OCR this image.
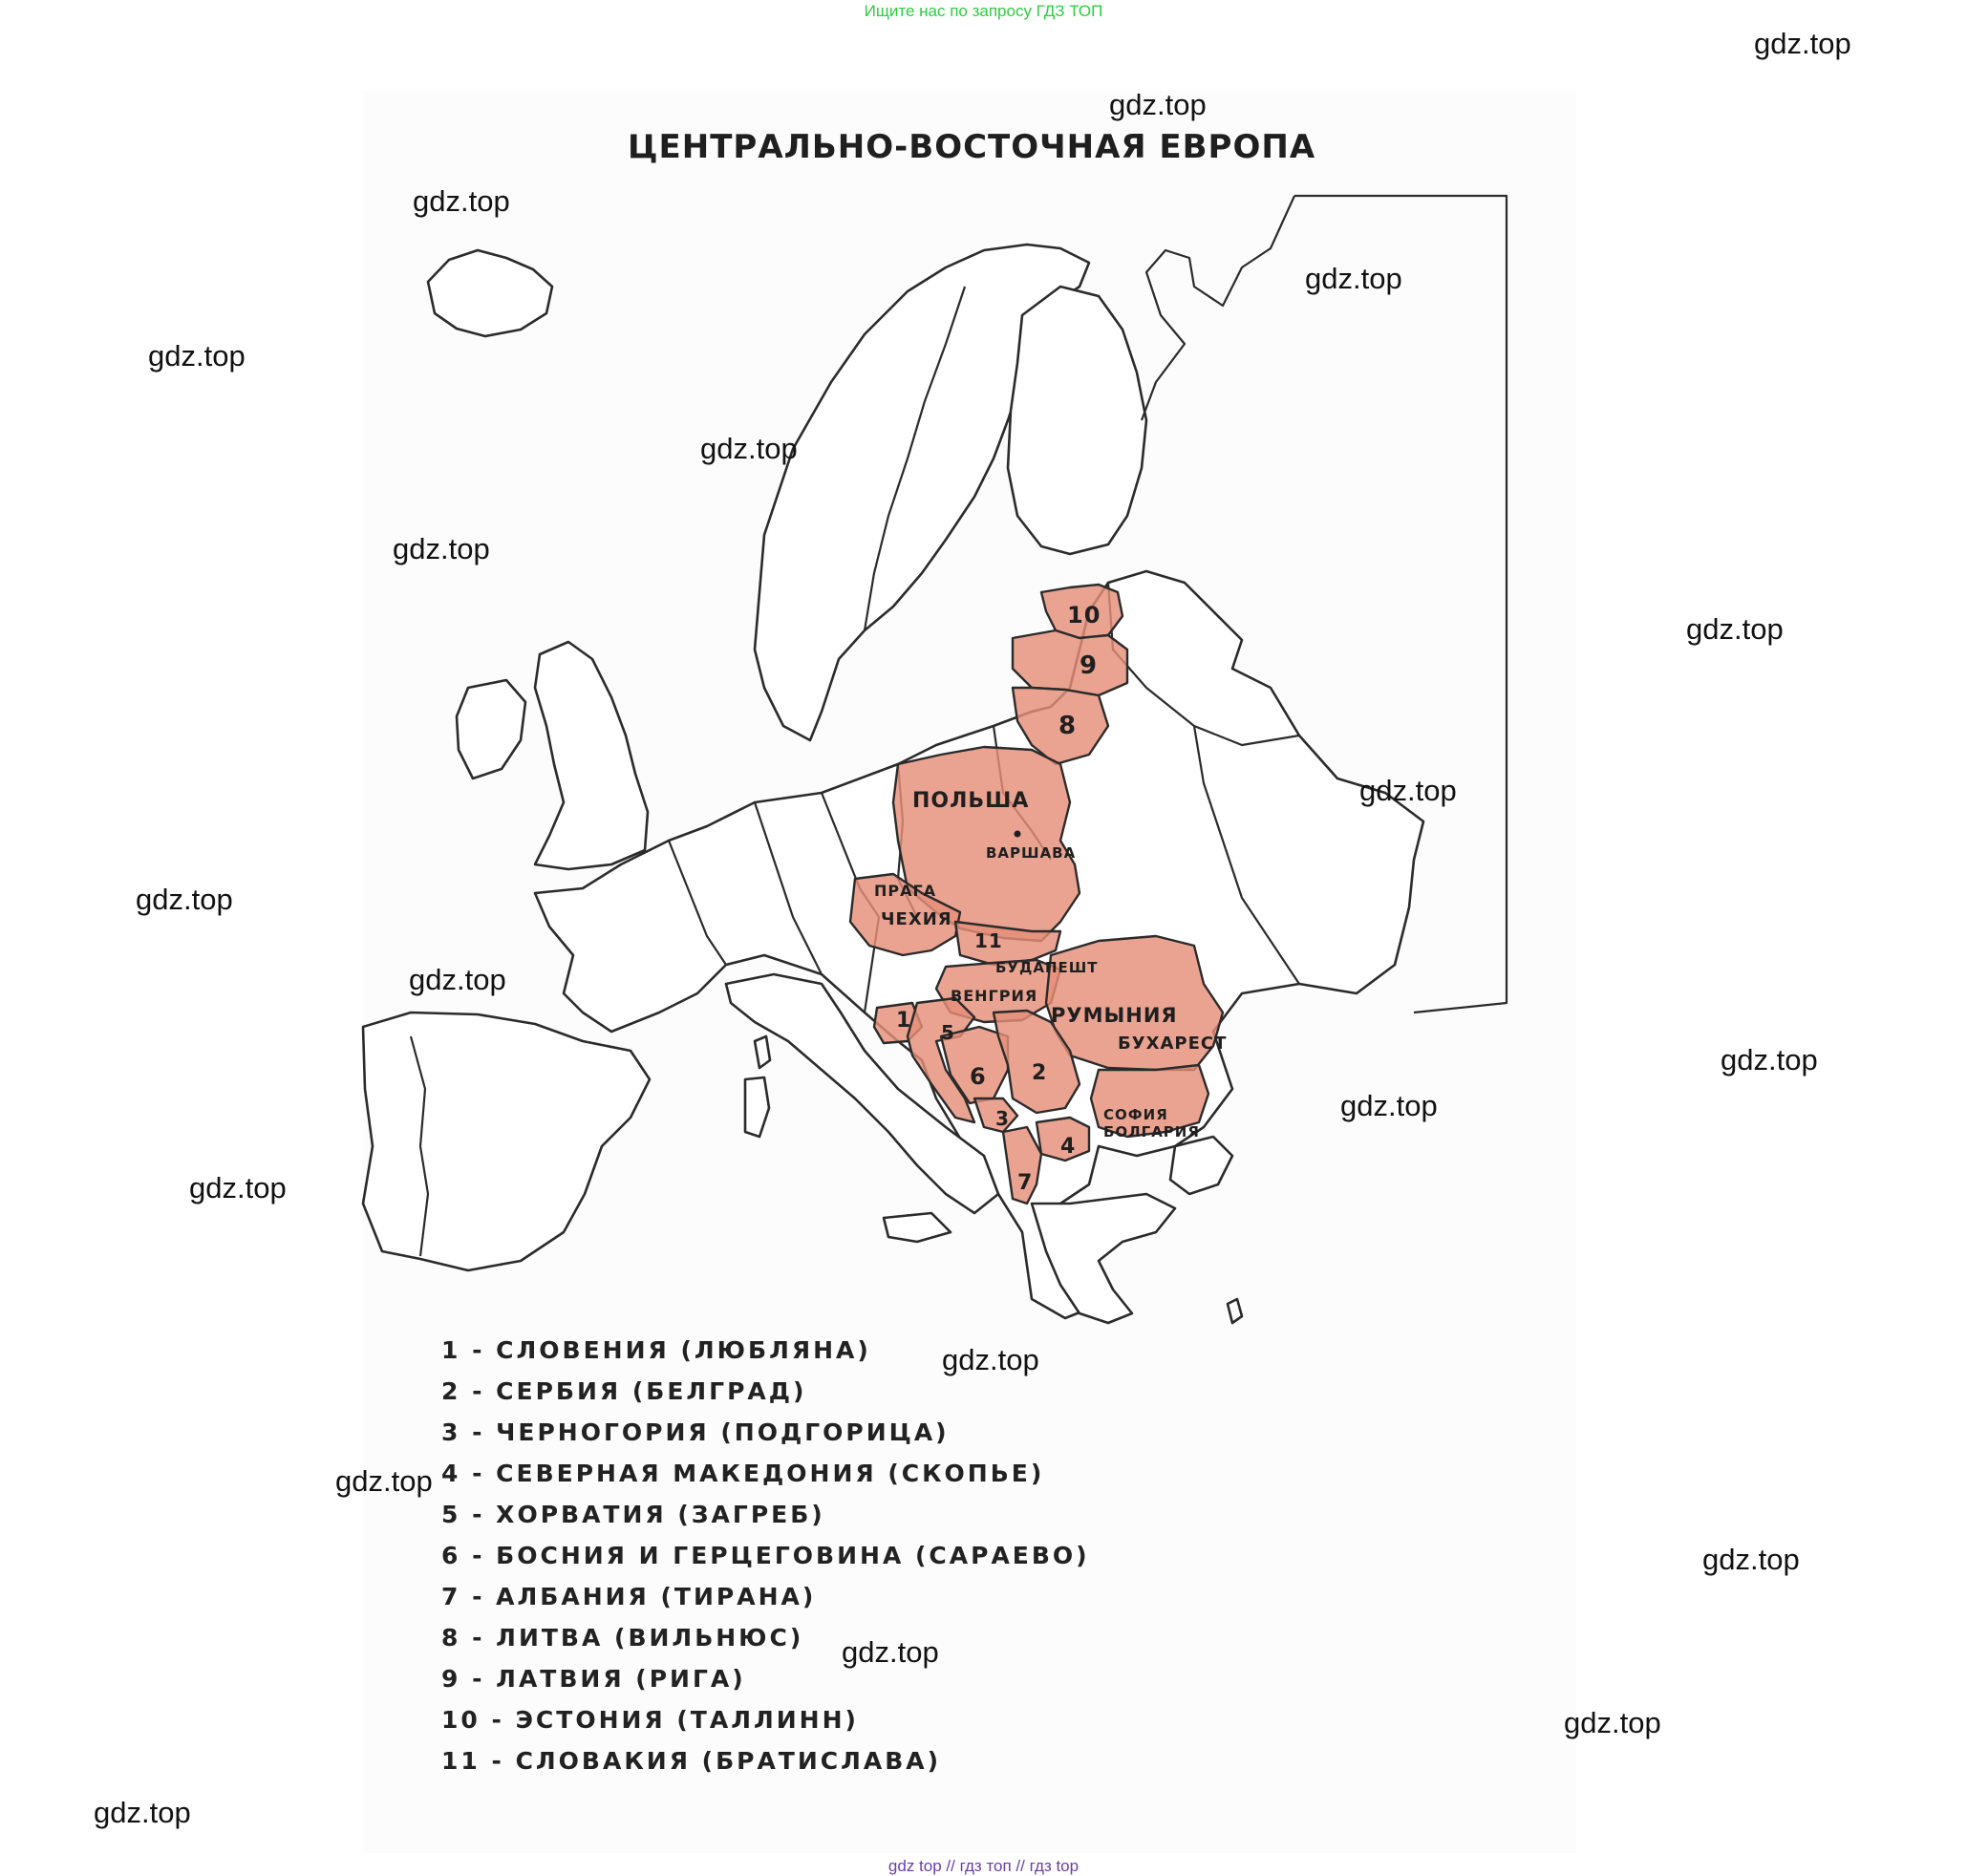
Ищите нас по запросу ГДЗ ТОП
ЦЕНТРАЛЬНО-ВОСТОЧНАЯ ЕВРОПА
ПОЛЬША
ВАРШАВА
ПРАГА
ЧЕХИЯ
БУДАПЕШТ
ВЕНГРИЯ
РУМЫНИЯ
БУХАРЕСТ
СОФИЯ
БОЛГАРИЯ
1
2
3
4
5
6
7
8
9
10
11
1 - СЛОВЕНИЯ (ЛЮБЛЯНА)
2 - СЕРБИЯ (БЕЛГРАД)
3 - ЧЕРНОГОРИЯ (ПОДГОРИЦА)
4 - СЕВЕРНАЯ МАКЕДОНИЯ (СКОПЬЕ)
5 - ХОРВАТИЯ (ЗАГРЕБ)
6 - БОСНИЯ И ГЕРЦЕГОВИНА (САРАЕВО)
7 - АЛБАНИЯ (ТИРАНА)
8 - ЛИТВА (ВИЛЬНЮС)
9 - ЛАТВИЯ (РИГА)
10 - ЭСТОНИЯ (ТАЛЛИНН)
11 - СЛОВАКИЯ (БРАТИСЛАВА)
gdz.top
gdz.top
gdz.top
gdz.top
gdz.top
gdz.top
gdz.top
gdz.top
gdz.top
gdz.top
gdz.top
gdz.top
gdz.top
gdz.top
gdz.top
gdz.top
gdz.top
gdz.top
gdz.top
gdz.top
gdz top // гдз топ // гдз top
